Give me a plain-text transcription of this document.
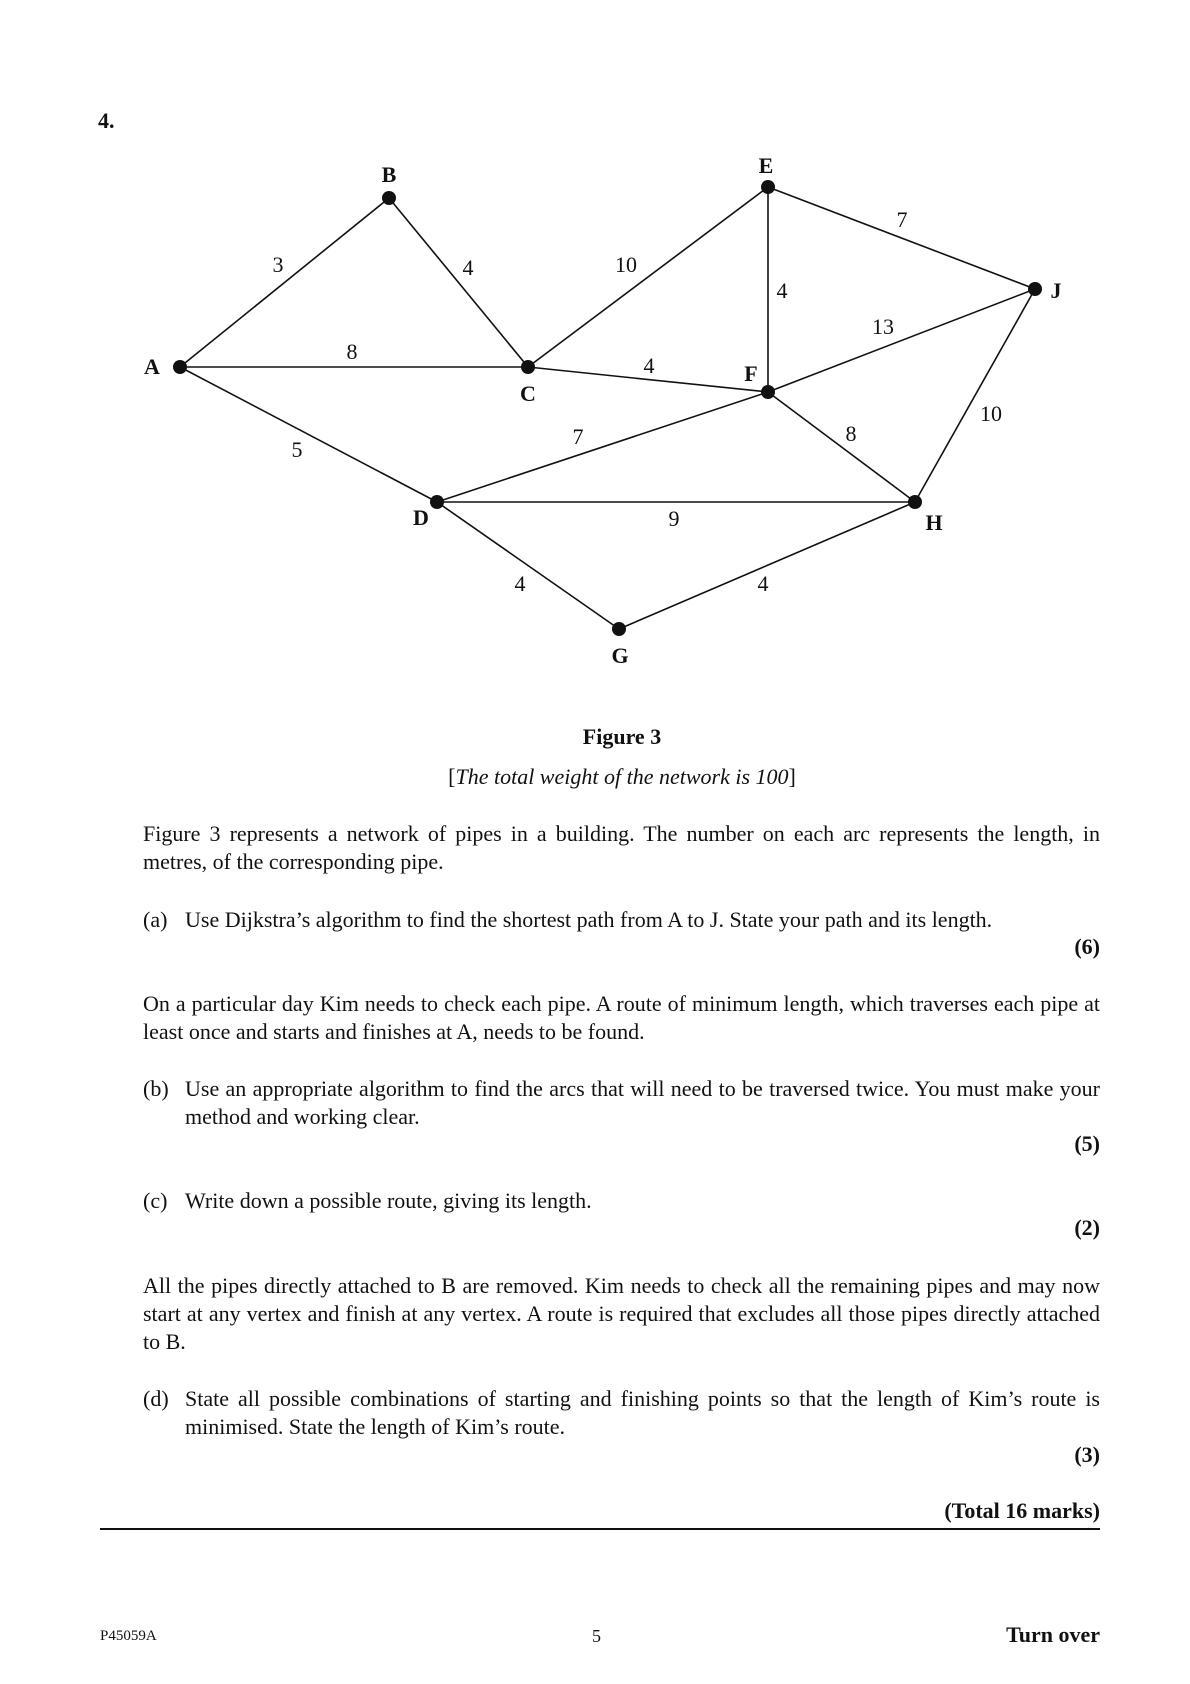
4.
3	4
8
5
10
4
4
7
13
7	8
10
9
4	4
A
B
C
D
E
F
G
H
J
Figure 3
[The total weight of the network is 100]
Figure 3 represents a network of pipes in a building. The number on each arc represents the length, in metres, of the corresponding pipe.
(a) Use Dijkstra’s algorithm to find the shortest path from A to J. State your path and its length.
(6)
On a particular day Kim needs to check each pipe. A route of minimum length, which traverses each pipe at least once and starts and finishes at A, needs to be found.
(b) Use an appropriate algorithm to find the arcs that will need to be traversed twice. You must make your method and working clear.
(5)
(c) Write down a possible route, giving its length.
(2)
All the pipes directly attached to B are removed. Kim needs to check all the remaining pipes and may now start at any vertex and finish at any vertex. A route is required that excludes all those pipes directly attached to B.
(d) State all possible combinations of starting and finishing points so that the length of Kim’s route is minimised. State the length of Kim’s route.
(3)
(Total 16 marks)
P45059A	5	Turn over
